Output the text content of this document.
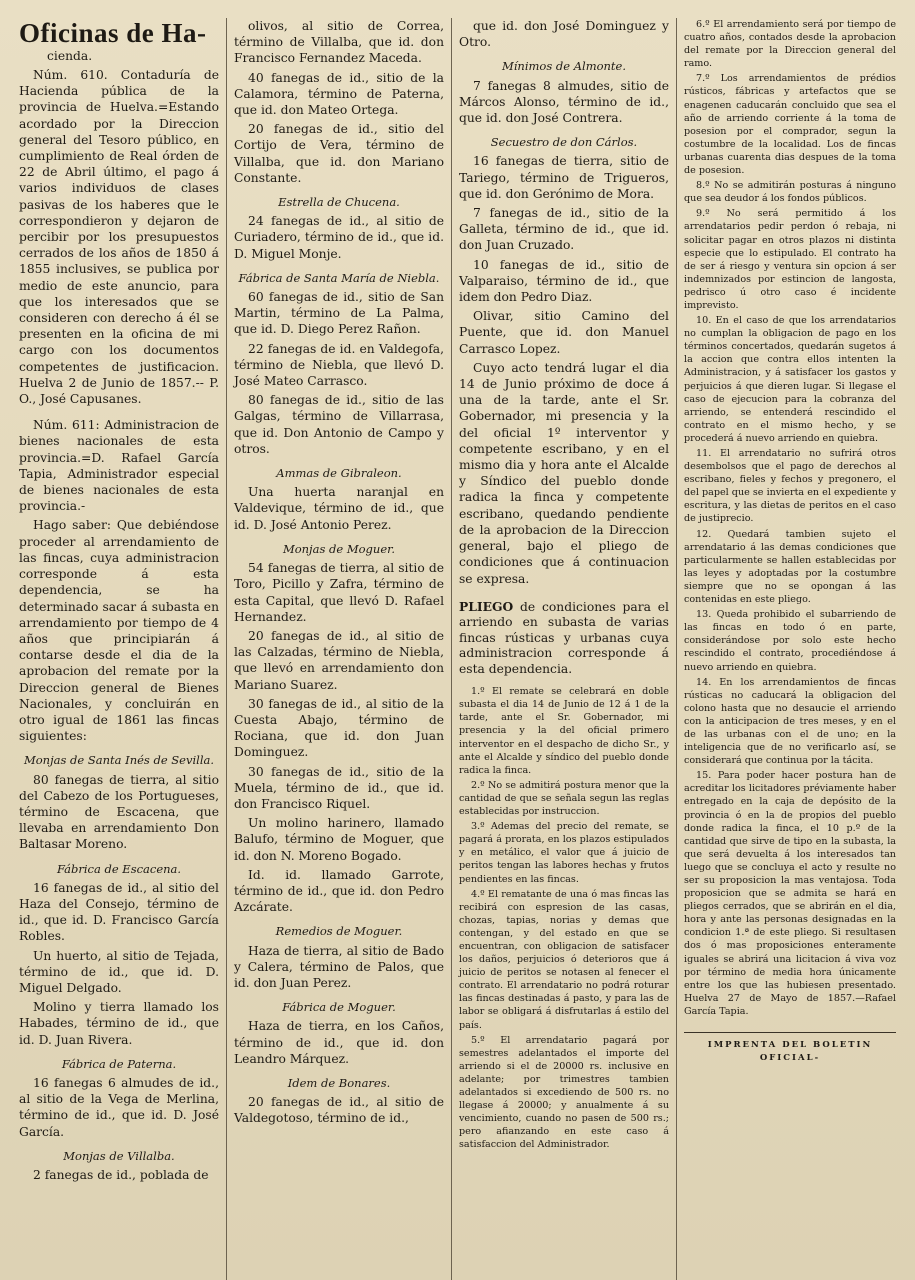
Oficinas de Ha-

cienda.

Núm. 610. Contaduría de Hacienda pública de la provincia de Huelva.=Estando acordado por la Direccion general del Tesoro público, en cumplimiento de Real órden de 22 de Abril último, el pago á varios individuos de clases pasivas de los haberes que le correspondieron y dejaron de percibir por los presupuestos cerrados de los años de 1850 á 1855 inclusives, se publica por medio de este anuncio, para que los interesados que se consideren con derecho á él se presenten en la oficina de mi cargo con los documentos competentes de justificacion. Huelva 2 de Junio de 1857.-- P. O., José Capusanes.

Núm. 611: Administracion de bienes nacionales de esta provincia.=D. Rafael García Tapia, Administrador especial de bienes nacionales de esta provincia.-

Hago saber: Que debiéndose proceder al arrendamiento de las fincas, cuya administracion corresponde á esta dependencia, se ha determinado sacar á subasta en arrendamiento por tiempo de 4 años que principiarán á contarse desde el dia de la aprobacion del remate por la Direccion general de Bienes Nacionales, y concluirán en otro igual de 1861 las fincas siguientes:

Monjas de Santa Inés de Sevilla.

80 fanegas de tierra, al sitio del Cabezo de los Portugueses, término de Escacena, que llevaba en arrendamiento Don Baltasar Moreno.

Fábrica de Escacena.

16 fanegas de id., al sitio del Haza del Consejo, término de id., que id. D. Francisco García Robles.

Un huerto, al sitio de Tejada, término de id., que id. D. Miguel Delgado.

Molino y tierra llamado los Habades, término de id., que id. D. Juan Rivera.

Fábrica de Paterna.

16 fanegas 6 almudes de id., al sitio de la Vega de Merlina, término de id., que id. D. José García.

Monjas de Villalba.

2 fanegas de id., poblada de

olivos, al sitio de Correa, término de Villalba, que id. don Francisco Fernandez Maceda.

40 fanegas de id., sitio de la Calamora, término de Paterna, que id. don Mateo Ortega.

20 fanegas de id., sitio del Cortijo de Vera, término de Villalba, que id. don Mariano Constante.

Estrella de Chucena.

24 fanegas de id., al sitio de Curiadero, término de id., que id. D. Miguel Monje.

Fábrica de Santa María de Niebla.

60 fanegas de id., sitio de San Martin, término de La Palma, que id. D. Diego Perez Rañon.

22 fanegas de id. en Valdegofa, término de Niebla, que llevó D. José Mateo Carrasco.

80 fanegas de id., sitio de las Galgas, término de Villarrasa, que id. Don Antonio de Campo y otros.

Ammas de Gibraleon.

Una huerta naranjal en Valdevique, término de id., que id. D. José Antonio Perez.

Monjas de Moguer.

54 fanegas de tierra, al sitio de Toro, Picillo y Zafra, término de esta Capital, que llevó D. Rafael Hernandez.

20 fanegas de id., al sitio de las Calzadas, término de Niebla, que llevó en arrendamiento don Mariano Suarez.

30 fanegas de id., al sitio de la Cuesta Abajo, término de Rociana, que id. don Juan Dominguez.

30 fanegas de id., sitio de la Muela, término de id., que id. don Francisco Riquel.

Un molino harinero, llamado Balufo, término de Moguer, que id. don N. Moreno Bogado.

Id. id. llamado Garrote, término de id., que id. don Pedro Azcárate.

Remedios de Moguer.

Haza de tierra, al sitio de Bado y Calera, término de Palos, que id. don Juan Perez.

Fábrica de Moguer.

Haza de tierra, en los Caños, término de id., que id. don Leandro Márquez.

Idem de Bonares.

20 fanegas de id., al sitio de Valdegotoso, término de id.,

que id. don José Dominguez y Otro.

Mínimos de Almonte.

7 fanegas 8 almudes, sitio de Márcos Alonso, término de id., que id. don José Contrera.

Secuestro de don Cárlos.

16 fanegas de tierra, sitio de Tariego, término de Trigueros, que id. don Gerónimo de Mora.

7 fanegas de id., sitio de la Galleta, término de id., que id. don Juan Cruzado.

10 fanegas de id., sitio de Valparaiso, término de id., que idem don Pedro Diaz.

Olivar, sitio Camino del Puente, que id. don Manuel Carrasco Lopez.

Cuyo acto tendrá lugar el dia 14 de Junio próximo de doce á una de la tarde, ante el Sr. Gobernador, mi presencia y la del oficial 1º interventor y competente escribano, y en el mismo dia y hora ante el Alcalde y Síndico del pueblo donde radica la finca y competente escribano, quedando pendiente de la aprobacion de la Direccion general, bajo el pliego de condiciones que á continuacion se expresa.

PLIEGO de condiciones para el arriendo en subasta de varias fincas rústicas y urbanas cuya administracion corresponde á esta dependencia.

1.º El remate se celebrará en doble subasta el dia 14 de Junio de 12 á 1 de la tarde, ante el Sr. Gobernador, mi presencia y la del oficial primero interventor en el despacho de dicho Sr., y ante el Alcalde y síndico del pueblo donde radica la finca.

2.º No se admitirá postura menor que la cantidad de que se señala segun las reglas establecidas por instruccion.

3.º Ademas del precio del remate, se pagará á prorata, en los plazos estipulados y en metálico, el valor que á juicio de peritos tengan las labores hechas y frutos pendientes en las fincas.

4.º El rematante de una ó mas fincas las recibirá con espresion de las casas, chozas, tapias, norias y demas que contengan, y del estado en que se encuentran, con obligacion de satisfacer los daños, perjuicios ó deterioros que á juicio de peritos se notasen al fenecer el contrato. El arrendatario no podrá roturar las fincas destinadas á pasto, y para las de labor se obligará á disfrutarlas á estilo del país.

5.º El arrendatario pagará por semestres adelantados el importe del arriendo si el de 20000 rs. inclusive en adelante; por trimestres tambien adelantados si excediendo de 500 rs. no llegase á 20000; y anualmente á su vencimiento, cuando no pasen de 500 rs.; pero afianzando en este caso á satisfaccion del Administrador.

6.º El arrendamiento será por tiempo de cuatro años, contados desde la aprobacion del remate por la Direccion general del ramo.

7.º Los arrendamientos de prédios rústicos, fábricas y artefactos que se enagenen caducarán concluido que sea el año de arriendo corriente á la toma de posesion por el comprador, segun la costumbre de la localidad. Los de fincas urbanas cuarenta dias despues de la toma de posesion.

8.º No se admitirán posturas á ninguno que sea deudor á los fondos públicos.

9.º No será permitido á los arrendatarios pedir perdon ó rebaja, ni solicitar pagar en otros plazos ni distinta especie que lo estipulado. El contrato ha de ser á riesgo y ventura sin opcion á ser indemnizados por estincion de langosta, pedrisco ú otro caso é incidente imprevisto.

10. En el caso de que los arrendatarios no cumplan la obligacion de pago en los términos concertados, quedarán sugetos á la accion que contra ellos intenten la Administracion, y á satisfacer los gastos y perjuicios á que dieren lugar. Si llegase el caso de ejecucion para la cobranza del arriendo, se entenderá rescindido el contrato en el mismo hecho, y se procederá á nuevo arriendo en quiebra.

11. El arrendatario no sufrirá otros desembolsos que el pago de derechos al escribano, fieles y fechos y pregonero, el del papel que se invierta en el expediente y escritura, y las dietas de peritos en el caso de justiprecio.

12. Quedará tambien sujeto el arrendatario á las demas condiciones que particularmente se hallen establecidas por las leyes y adoptadas por la costumbre siempre que no se opongan á las contenidas en este pliego.

13. Queda prohibido el subarriendo de las fincas en todo ó en parte, considerándose por solo este hecho rescindido el contrato, procediéndose á nuevo arriendo en quiebra.

14. En los arrendamientos de fincas rústicas no caducará la obligacion del colono hasta que no desaucie el arriendo con la anticipacion de tres meses, y en el de las urbanas con el de uno; en la inteligencia que de no verificarlo así, se considerará que continua por la tácita.

15. Para poder hacer postura han de acreditar los licitadores préviamente haber entregado en la caja de depósito de la provincia ó en la de propios del pueblo donde radica la finca, el 10 p.º de la cantidad que sirve de tipo en la subasta, la que será devuelta á los interesados tan luego que se concluya el acto y resulte no ser su proposicion la mas ventajosa. Toda proposicion que se admita se hará en pliegos cerrados, que se abrirán en el dia, hora y ante las personas designadas en la condicion 1.ª de este pliego. Si resultasen dos ó mas proposiciones enteramente iguales se abrirá una licitacion á viva voz por término de media hora únicamente entre los que las hubiesen presentado. Huelva 27 de Mayo de 1857.—Rafael García Tapia.

IMPRENTA DEL BOLETIN OFICIAL-
